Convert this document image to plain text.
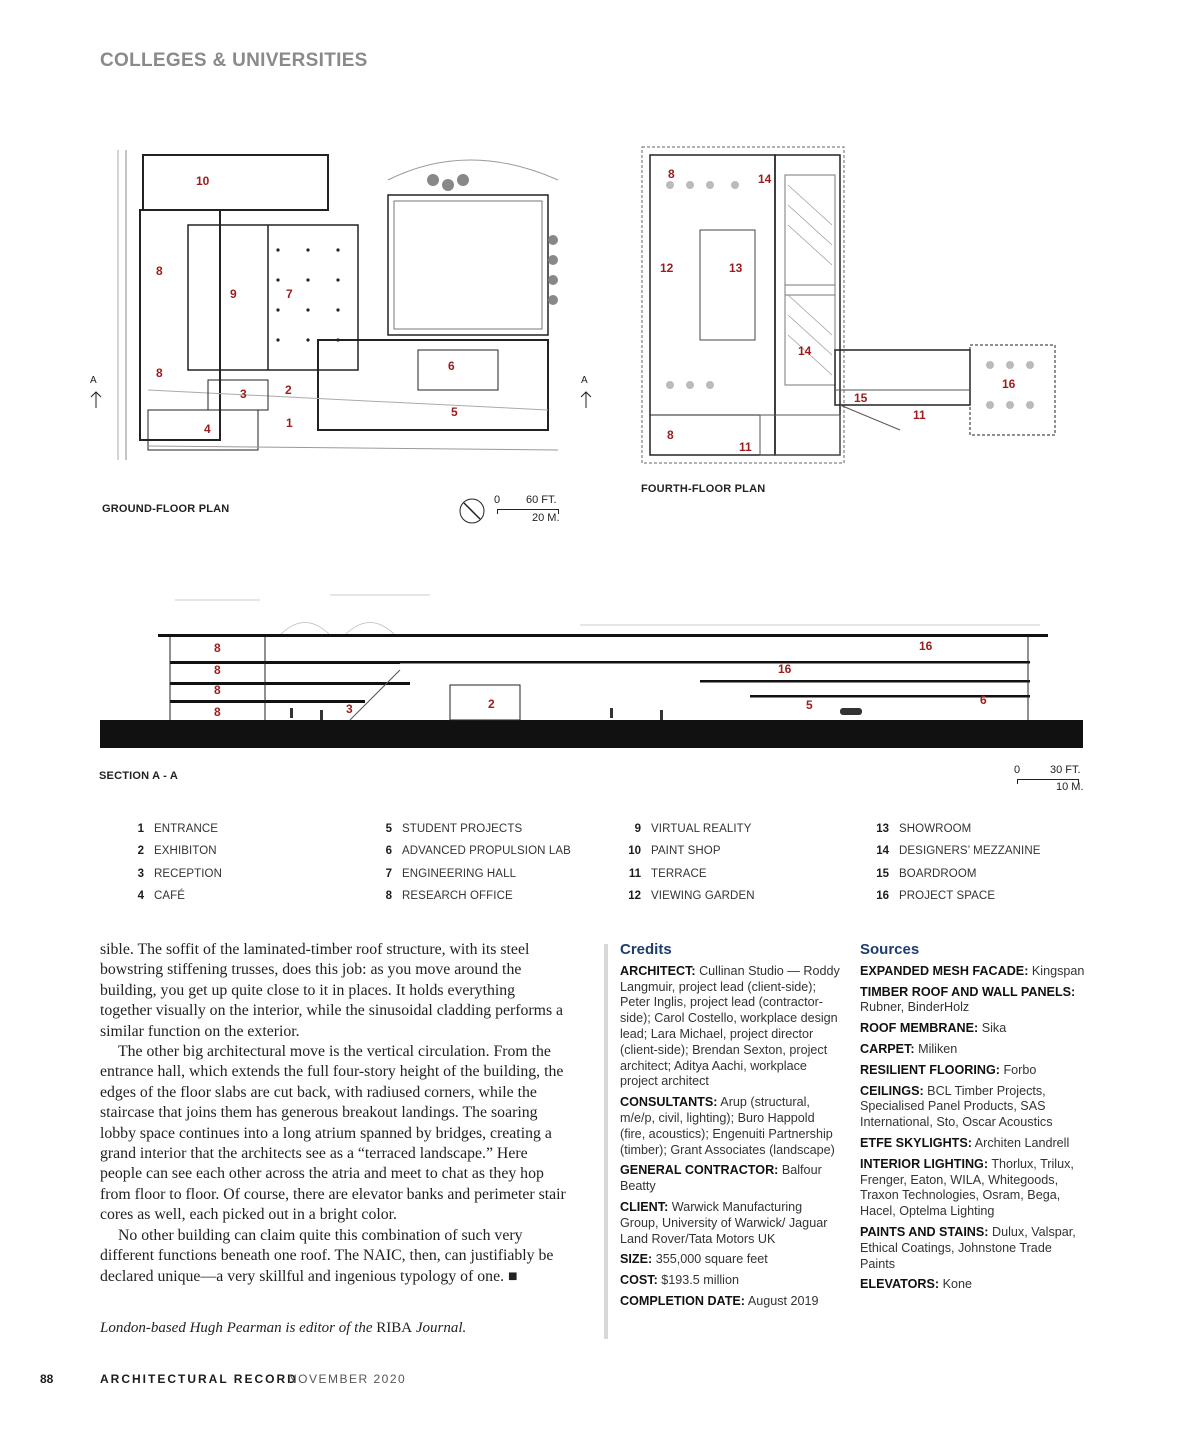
COLLEGES & UNIVERSITIES
10
8
9	7
8	6
3	2
1
5
4
A	A
GROUND-FLOOR PLAN
0 60 FT.
20 M.
8	14
12	13
14
16
15
11
8
11
FOURTH-FLOOR PLAN
8
8
8
8	3	2
16
5
16
6
SECTION A - A	0	30 FT.
10 M.
1 ENTRANCE
2 EXHIBITON
3 RECEPTION
4 CAFÉ
5 STUDENT PROJECTS
6 ADVANCED PROPULSION LAB
7 ENGINEERING HALL
8 RESEARCH OFFICE
9 VIRTUAL REALITY
10 PAINT SHOP
11 TERRACE
12 VIEWING GARDEN
13 SHOWROOM
14 DESIGNERS’ MEZZANINE
15 BOARDROOM
16 PROJECT SPACE

sible. The soffit of the laminated-timber roof structure, with its steel bowstring stiffening trusses, does this job: as you move around the building, you get up quite close to it in places. It holds everything together visually on the interior, while the sinusoidal cladding performs a similar function on the exterior.

The other big architectural move is the vertical circulation. From the entrance hall, which extends the full four-story height of the building, the edges of the floor slabs are cut back, with radiused corners, while the staircase that joins them has generous breakout landings. The soaring lobby space continues into a long atrium spanned by bridges, creating a grand interior that the architects see as a “terraced landscape.” Here people can see each other across the atria and meet to chat as they hop from floor to floor. Of course, there are elevator banks and perimeter stair cores as well, each picked out in a bright color.

No other building can claim quite this combination of such very different functions beneath one roof. The NAIC, then, can justifiably be declared unique—a very skillful and ingenious typology of one. ■

London-based Hugh Pearman is editor of the RIBA Journal.
Credits
ARCHITECT: Cullinan Studio — Roddy Langmuir, project lead (client-side); Peter Inglis, project lead (contractor-side); Carol Costello, workplace design lead; Lara Michael, project director (client-side); Brendan Sexton, project architect; Aditya Aachi, workplace project architect
CONSULTANTS: Arup (structural, m/e/p, civil, lighting); Buro Happold (fire, acoustics); Engenuiti Partnership (timber); Grant Associates (landscape)
GENERAL CONTRACTOR: Balfour Beatty
CLIENT: Warwick Manufacturing Group, University of Warwick/ Jaguar Land Rover/Tata Motors UK
SIZE: 355,000 square feet
COST: $193.5 million
COMPLETION DATE: August 2019
Sources
EXPANDED MESH FACADE: Kingspan
TIMBER ROOF AND WALL PANELS: Rubner, BinderHolz
ROOF MEMBRANE: Sika
CARPET: Miliken
RESILIENT FLOORING: Forbo
CEILINGS: BCL Timber Projects, Specialised Panel Products, SAS International, Sto, Oscar Acoustics
ETFE SKYLIGHTS: Architen Landrell
INTERIOR LIGHTING: Thorlux, Trilux, Frenger, Eaton, WILA, Whitegoods, Traxon Technologies, Osram, Bega, Hacel, Optelma Lighting
PAINTS AND STAINS: Dulux, Valspar, Ethical Coatings, Johnstone Trade Paints
ELEVATORS: Kone
88	ARCHITECTURAL RECORD
NOVEMBER 2020
